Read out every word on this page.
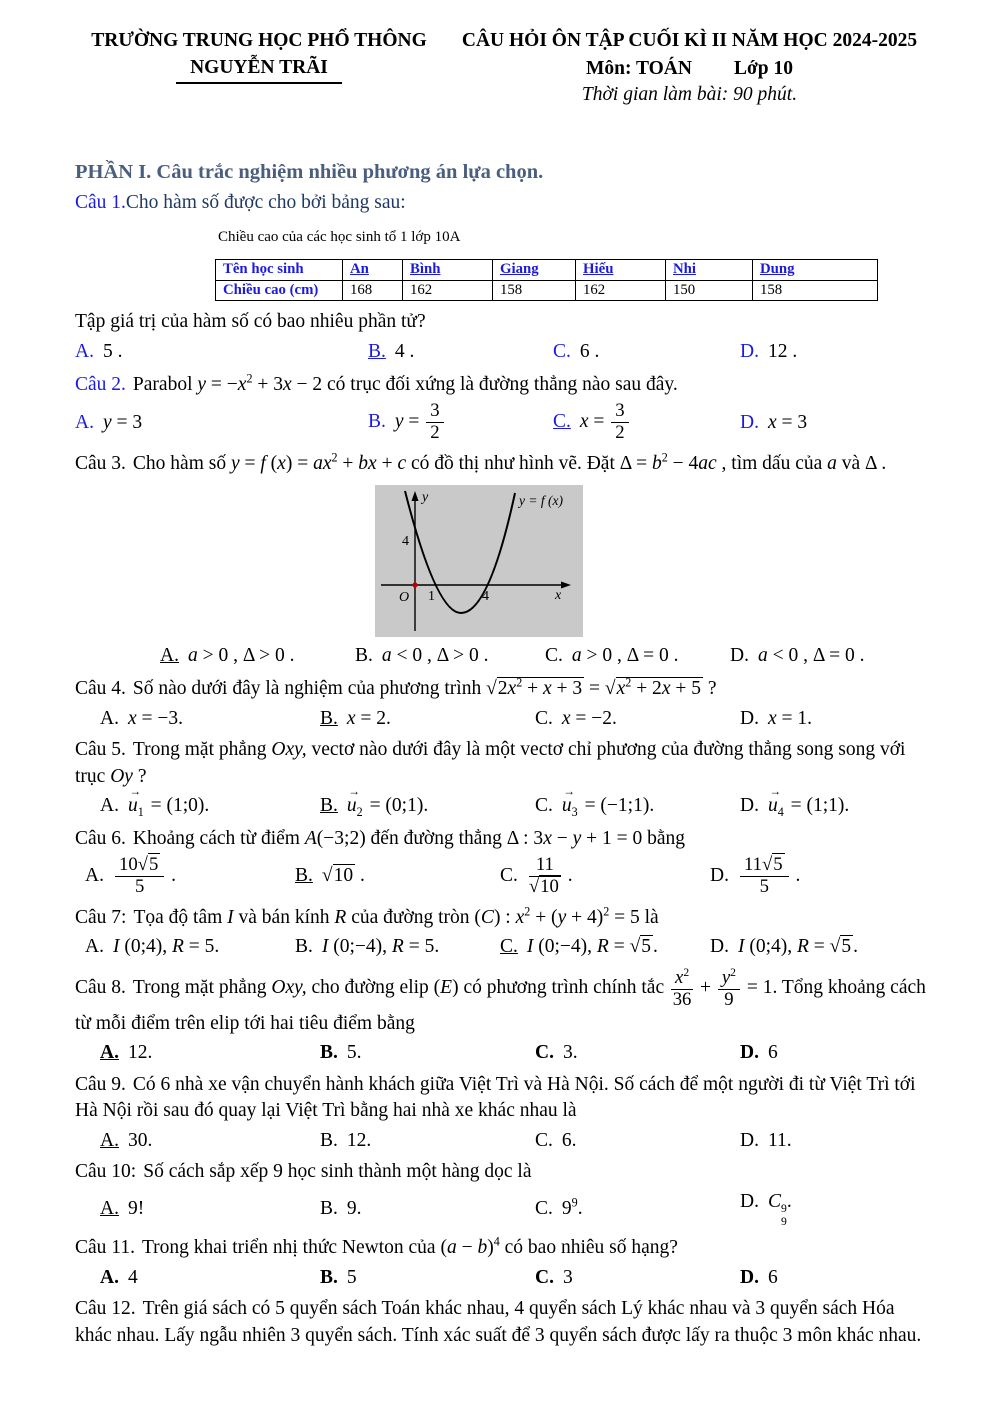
TRƯỜNG TRUNG HỌC PHỔ THÔNG
NGUYỄN TRÃI
CÂU HỎI ÔN TẬP CUỐI KÌ II NĂM HỌC 2024-2025
Môn: TOÁN Lớp 10
Thời gian làm bài: 90 phút.
PHẦN I. Câu trắc nghiệm nhiều phương án lựa chọn.

Câu 1.Cho hàm số được cho bởi bảng sau:

Chiều cao của các học sinh tổ 1 lớp 10A
Tên học sinh	An	Bình	Giang	Hiếu	Nhi	Dung
Chiều cao (cm)	168	162	158	162	150	158

Tập giá trị của hàm số có bao nhiêu phần tử?

A. 5 .	B. 4 .	C. 6 .	D. 12 .

Câu 2. Parabol $y = -x^2 + 3x - 2$ có trục đối xứng là đường thẳng nào sau đây.

A. y = 3	B. $y = \frac{3}{2}$	C. $x = \frac{3}{2}$	D. x = 3

Câu 3. Cho hàm số y = f $(x) = ax^2$ + bx + c có đồ thị như hình vẽ. Đặt $\Delta = b^2 - 4ac$ , tìm dấu của a và Δ .

y
x
O
4
1	4
y = f (x)
A. a > 0 , Δ > 0 .	B. a < 0 , Δ > 0 .	C. a > 0 , Δ = 0 .	D. a < 0 , Δ = 0 .

Câu 4. Số nào dưới đây là nghiệm của phương trình √ $2x^2 + x + 3$ = √ $x^2 + 2x + 5$ ?

A. x = −3.	B. x = 2.	C. x = −2.	D. x = 1.

Câu 5. Trong mặt phẳng Oxy, vectơ nào dưới đây là một vectơ chỉ phương của đường thẳng song song với trục Oy ?

A. → $u_1$ = (1;0).	B. → $u_2$ = (0;1).	C. → $u_3$ = (−1;1).	D. → $u_4$ = (1;1).

Câu 6. Khoảng cách từ điểm A(−3;2) đến đường thẳng Δ : 3x − y + 1 = 0 bằng

A. $\frac{10 √ 5}{5}$ .	B. √ 10 .	C. 11
√ 10 .	D. $\frac{11 √ 5}{5}$ .

Câu 7: Tọa độ tâm I và bán kính R của đường tròn (C) : $x^2 + (y + 4)^2 = 5$ là

A. I (0;4), R = 5.	B. I (0;−4), R = 5.	C. I (0;−4), R = √ 5 .	D. I (0;4), R = √ 5 .

Câu 8. Trong mặt phẳng Oxy, cho đường elip (E) có phương trình chính tắc $\frac{x^2}{36} + \frac{y^2}{9} = 1$. Tổng khoảng cách từ mỗi điểm trên elip tới hai tiêu điểm bằng

A. 12.	B. 5.	C. 3.	D. 6

Câu 9. Có 6 nhà xe vận chuyển hành khách giữa Việt Trì và Hà Nội. Số cách để một người đi từ Việt Trì tới Hà Nội rồi sau đó quay lại Việt Trì bằng hai nhà xe khác nhau là

A. 30.	B. 12.	C. 6.	D. 11.

Câu 10: Số cách sắp xếp 9 học sinh thành một hàng dọc là

A. 9!	B. 9.	C. $9^9$.	D. C 9
9
.

Câu 11. Trong khai triển nhị thức Newton của $(a - b)^4$ có bao nhiêu số hạng?

A. 4	B. 5	C. 3	D. 6

Câu 12. Trên giá sách có 5 quyển sách Toán khác nhau, 4 quyển sách Lý khác nhau và 3 quyển sách Hóa khác nhau. Lấy ngẫu nhiên 3 quyển sách. Tính xác suất để 3 quyển sách được lấy ra thuộc 3 môn khác nhau.
